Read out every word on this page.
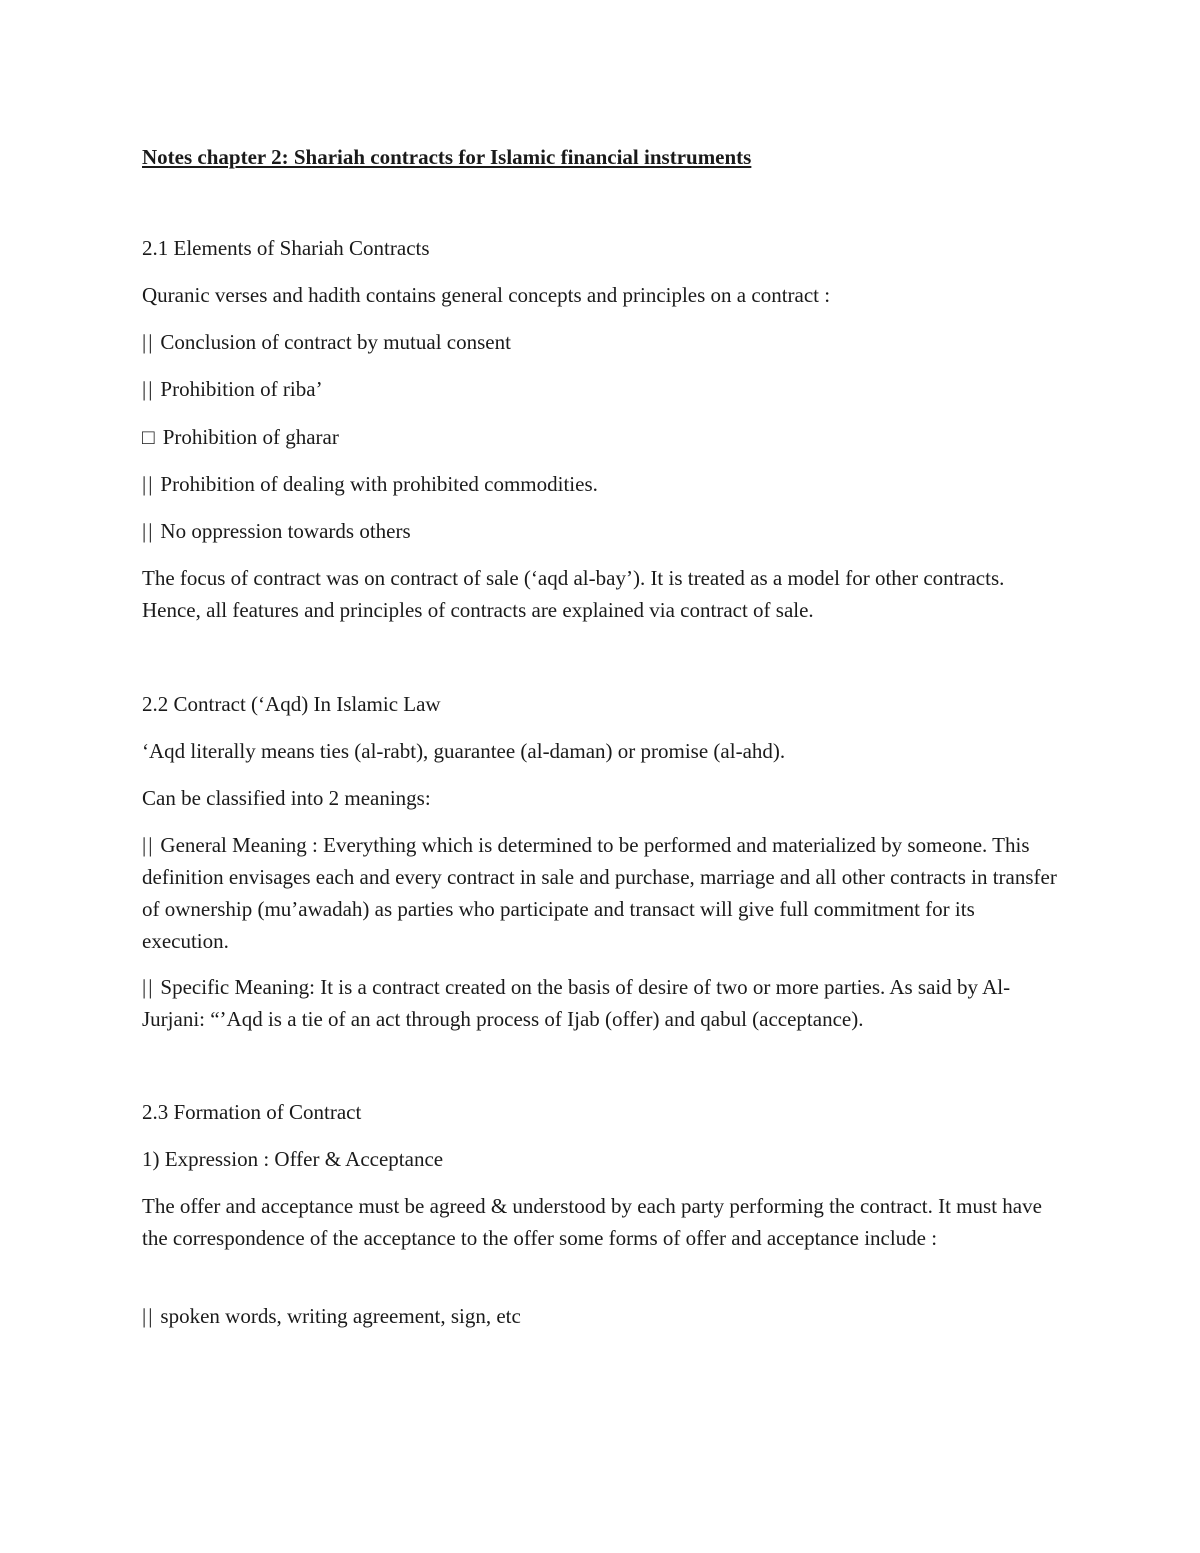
Notes chapter 2: Shariah contracts for Islamic financial instruments

2.1 Elements of Shariah Contracts

Quranic verses and hadith contains general concepts and principles on a contract :

|| Conclusion of contract by mutual consent
|| Prohibition of riba’
□ Prohibition of gharar
|| Prohibition of dealing with prohibited commodities.
|| No oppression towards others

The focus of contract was on contract of sale (‘aqd al-bay’). It is treated as a model for other contracts. Hence, all features and principles of contracts are explained via contract of sale.

2.2 Contract (‘Aqd) In Islamic Law

‘Aqd literally means ties (al-rabt), guarantee (al-daman) or promise (al-ahd).

Can be classified into 2 meanings:

|| General Meaning : Everything which is determined to be performed and materialized by someone. This definition envisages each and every contract in sale and purchase, marriage and all other contracts in transfer of ownership (mu’awadah) as parties who participate and transact will give full commitment for its execution.
|| Specific Meaning: It is a contract created on the basis of desire of two or more parties. As said by Al-Jurjani: “’Aqd is a tie of an act through process of Ijab (offer) and qabul (acceptance).

2.3 Formation of Contract

1) Expression : Offer & Acceptance

The offer and acceptance must be agreed & understood by each party performing the contract. It must have the correspondence of the acceptance to the offer some forms of offer and acceptance include :

|| spoken words, writing agreement, sign, etc
